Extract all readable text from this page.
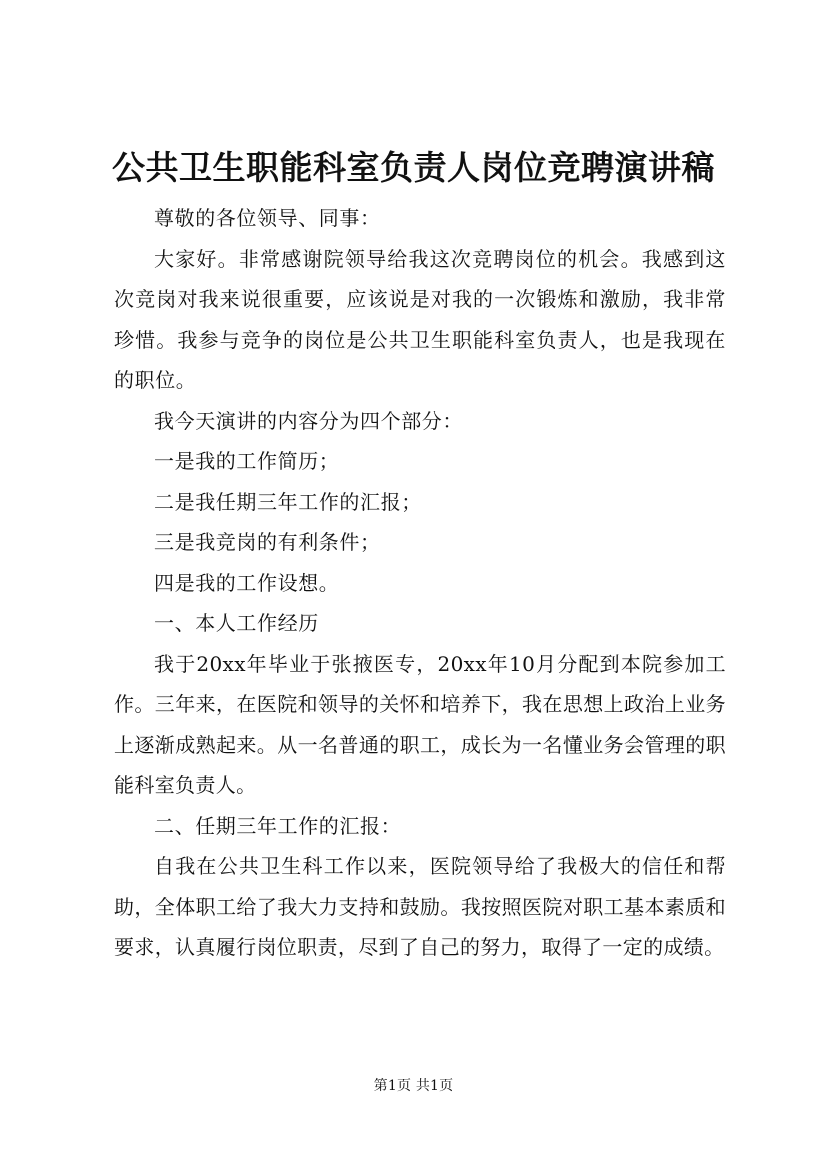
公共卫生职能科室负责人岗位竞聘演讲稿

尊敬的各位领导、同事：

大家好。非常感谢院领导给我这次竞聘岗位的机会。我感到这次竞岗对我来说很重要，应该说是对我的一次锻炼和激励，我非常珍惜。我参与竞争的岗位是公共卫生职能科室负责人，也是我现在的职位。

我今天演讲的内容分为四个部分：

一是我的工作简历；

二是我任期三年工作的汇报；

三是我竞岗的有利条件；

四是我的工作设想。

一、本人工作经历

我于20xx年毕业于张掖医专，20xx年10月分配到本院参加工作。三年来，在医院和领导的关怀和培养下，我在思想上政治上业务上逐渐成熟起来。从一名普通的职工，成长为一名懂业务会管理的职能科室负责人。

二、任期三年工作的汇报：

自我在公共卫生科工作以来，医院领导给了我极大的信任和帮助，全体职工给了我大力支持和鼓励。我按照医院对职工基本素质和要求，认真履行岗位职责，尽到了自己的努力，取得了一定的成绩。

第1页 共1页
